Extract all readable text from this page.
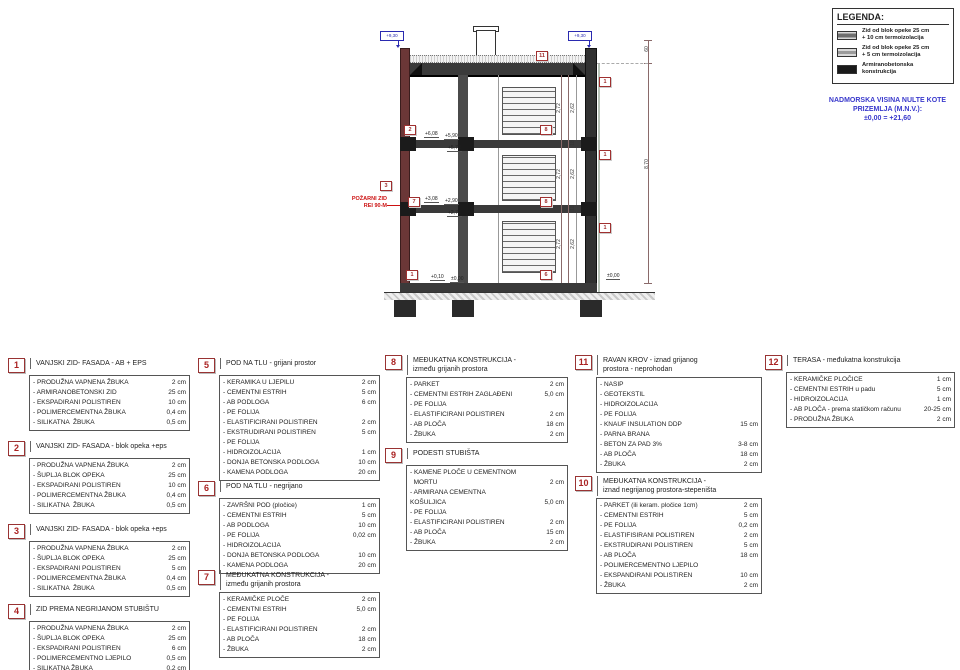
POŽARNI ZID
REI 90-M
+9,30	+9,30
+6,08 +5,90
+5,72
+3,08 +2,90
+2,72
+0,10 ±0,00	±0,00
2
3
7
8
8
11
1
1
1
1	6
8,70
60
2,72
2,72
2,72
2,62
2,62
2,62
18
18
LEGENDA:
Zid od blok opeke 25 cm
+ 10 cm termoizolacija
Zid od blok opeke 25 cm
+ 5 cm termoizolacija
Armiranobetonska
konstrukcija
NADMORSKA VISINA NULTE KOTE
PRIZEMLJA (M.N.V.):
±0,00 = +21,60
1	VANJSKI ZID- FASADA - AB + EPS
- PRODUŽNA VAPNENA ŽBUKA	2 cm
- ARMIRANOBETONSKI ZID	25 cm
- EKSPADIRANI POLISTIREN	10 cm
- POLIMERCEMENTNA ŽBUKA	0,4 cm
- SILIKATNA  ŽBUKA	0,5 cm
2	VANJSKI ZID- FASADA - blok opeka +eps
- PRODUŽNA VAPNENA ŽBUKA	2 cm
- ŠUPLJA BLOK OPEKA	25 cm
- EKSPADIRANI POLISTIREN	10 cm
- POLIMERCEMENTNA ŽBUKA	0,4 cm
- SILIKATNA  ŽBUKA	0,5 cm
3	VANJSKI ZID- FASADA - blok opeka +eps
- PRODUŽNA VAPNENA ŽBUKA	2 cm
- ŠUPLJA BLOK OPEKA	25 cm
- EKSPADIRANI POLISTIREN	5 cm
- POLIMERCEMENTNA ŽBUKA	0,4 cm
- SILIKATNA  ŽBUKA	0,5 cm
4	ZID PREMA NEGRIJANOM STUBIŠTU
- PRODUŽNA VAPNENA ŽBUKA	2 cm
- ŠUPLJA BLOK OPEKA	25 cm
- EKSPADIRANI POLISTIREN	6 cm
- POLIMERCEMENTNO LJEPILO	0,5 cm
- SILIKATNA ŽBUKA	0,2 cm
5	POD NA TLU - grijani prostor
- KERAMIKA U LJEPILU	2 cm
- CEMENTNI ESTRIH	5 cm
- AB PODLOGA	6 cm
- PE FOLIJA
- ELASTIFICIRANI POLISTIREN	2 cm
- EKSTRUDIRANI POLISTIREN	5 cm
- PE FOLIJA
- HIDROIZOLACIJA	1 cm
- DONJA BETONSKA PODLOGA	10 cm
- KAMENA PODLOGA	20 cm
6	POD NA TLU - negrijano
- ZAVRŠNI POD (pločice)	1 cm
- CEMENTNI ESTRIH	5 cm
- AB PODLOGA	10 cm
- PE FOLIJA	0,02 cm
- HIDROIZOLACIJA
- DONJA BETONSKA PODLOGA	10 cm
- KAMENA PODLOGA	20 cm
7	MEĐUKATNA KONSTRUKCIJA -
između grijanih prostora
- KERAMIČKE PLOČE	2 cm
- CEMENTNI ESTRIH	5,0 cm
- PE FOLIJA
- ELASTIFICIRANI POLISTIREN	2 cm
- AB PLOČA	18 cm
- ŽBUKA	2 cm
8	MEĐUKATNA KONSTRUKCIJA -
između grijanih prostora
- PARKET	2 cm
- CEMENTNI ESTRIH ZAGLAĐENI	5,0 cm
- PE FOLIJA
- ELASTIFICIRANI POLISTIREN	2 cm
- AB PLOČA	18 cm
- ŽBUKA	2 cm
9	PODESTI STUBIŠTA
- KAMENE PLOČE U CEMENTNOM
MORTU	2 cm
- ARMIRANA CEMENTNA
KOŠULJICA	5,0 cm
- PE FOLIJA
- ELASTIFICIRANI POLISTIREN	2 cm
- AB PLOČA	15 cm
- ŽBUKA	2 cm
11	RAVAN KROV - iznad grijanog
prostora - neprohodan
- NASIP
- GEOTEKSTIL
- HIDROIZOLACIJA
- PE FOLIJA
- KNAUF INSULATION DDP	15 cm
- PARNA BRANA
- BETON ZA PAD 3%	3-8 cm
- AB PLOČA	18 cm
- ŽBUKA	2 cm
10	MEĐUKATNA KONSTRUKCIJA -
iznad negrijanog prostora-stepeništa
- PARKET (ili keram. pločice 1cm)	2 cm
- CEMENTNI ESTRIH	5 cm
- PE FOLIJA	0,2 cm
- ELASTIFISIRANI POLISTIREN	2 cm
- EKSTRUDIRANI POLISTIREN	5 cm
- AB PLOČA	18 cm
- POLIMERCEMENTNO LJEPILO
- EKSPANDIRANI POLISTIREN	10 cm
- ŽBUKA	2 cm
12	TERASA - međukatna konstrukcija
- KERAMIČKE PLOČICE	1 cm
- CEMENTNI ESTRIH u padu	5 cm
- HIDROIZOLACIJA	1 cm
- AB PLOČA - prema statičkom računu	20-25 cm
- PRODUŽNA ŽBUKA	2 cm
